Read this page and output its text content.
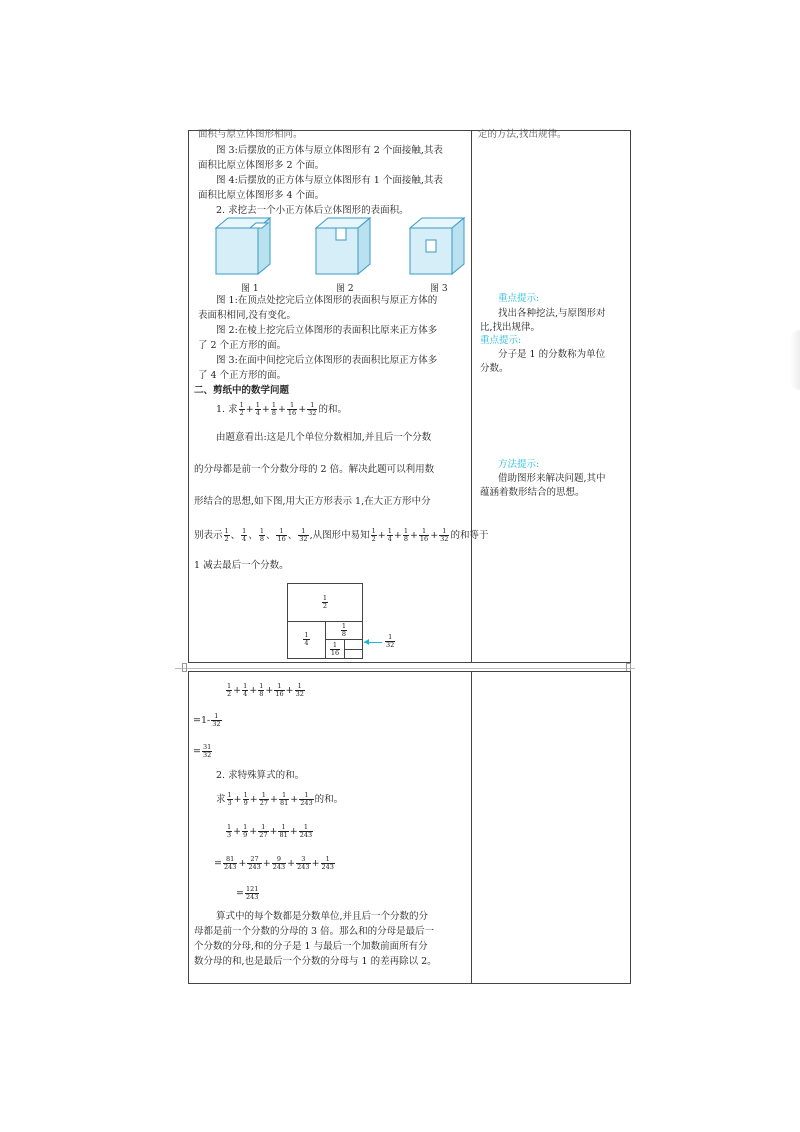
面积与原立体图形相同。	定的方法,找出规律。
图 3:后摆放的正方体与原立体图形有 2 个面接触,其表
面积比原立体图形多 2 个面。
图 4:后摆放的正方体与原立体图形有 1 个面接触,其表
面积比原立体图形多 4 个面。
2. 求挖去一个小正方体后立体图形的表面积。
图 1	图 2	图 3
图 1:在顶点处挖完后立体图形的表面积与原正方体的
表面积相同,没有变化。
图 2:在棱上挖完后立体图形的表面积比原来正方体多
了 2 个正方形的面。
图 3:在面中间挖完后立体图形的表面积比原正方体多
了 4 个正方形的面。
二、剪纸中的数学问题
1. 求 $\frac{1}{2} + \frac{1}{4} + \frac{1}{8} + \frac{1}{16} + \frac{1}{32}$ 的和。
由题意看出:这是几个单位分数相加,并且后一个分数
的分母都是前一个分数分母的 2 倍。解决此题可以利用数
形结合的思想,如下图,用大正方形表示 1,在大正方形中分
别表示 $\frac{1}{2}$ 、 $\frac{1}{4}$ 、 $\frac{1}{8}$ 、 $\frac{1}{16}$ 、 $\frac{1}{32}$ ,从图形中易知 $\frac{1}{2} + \frac{1}{4} + \frac{1}{8} + \frac{1}{16} + \frac{1}{32}$ 的和等于
1 减去最后一个分数。
$\frac{1}{2}$
$\frac{1}{4}$
$\frac{1}{8}$
$\frac{1}{16}$	$\frac{1}{32}$
重点提示:
找出各种挖法,与原图形对
比,找出规律。
重点提示:
分子是 1 的分数称为单位
分数。
方法提示:
借助图形来解决问题,其中
蕴涵着数形结合的思想。
$\frac{1}{2} + \frac{1}{4} + \frac{1}{8} + \frac{1}{16} + \frac{1}{32}$
$=1- \frac{1}{32}$
= $\frac{31}{32}$
2. 求特殊算式的和。
求 $\frac{1}{3} + \frac{1}{9} + \frac{1}{27} + \frac{1}{81} + \frac{1}{243}$ 的和。
$\frac{1}{3} + \frac{1}{9} + \frac{1}{27} + \frac{1}{81} + \frac{1}{243}$
= $\frac{81}{243} + \frac{27}{243} + \frac{9}{243} + \frac{3}{243} + \frac{1}{243}$
= $\frac{121}{243}$
算式中的每个数都是分数单位,并且后一个分数的分
母都是前一个分数的分母的 3 倍。那么和的分母是最后一
个分数的分母,和的分子是 1 与最后一个加数前面所有分
数分母的和,也是最后一个分数的分母与 1 的差再除以 2。
